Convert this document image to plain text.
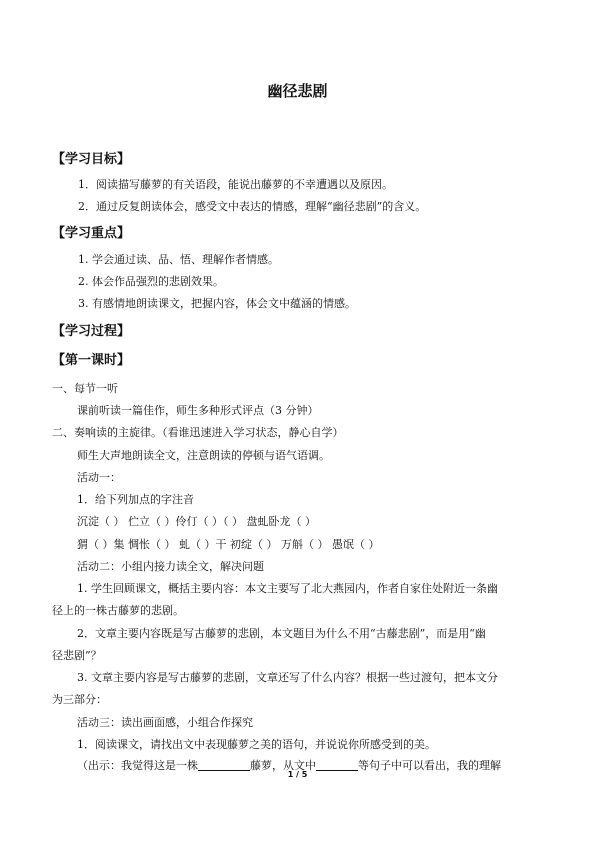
幽径悲剧
【学习目标】
1．阅读描写藤萝的有关语段，能说出藤萝的不幸遭遇以及原因。
2．通过反复朗读体会，感受文中表达的情感，理解“幽径悲剧”的含义。
【学习重点】
1. 学会通过读、品、悟、理解作者情感。
2. 体会作品强烈的悲剧效果。
3. 有感情地朗读课文，把握内容，体会文中蕴涵的情感。
【学习过程】
【第一课时】
一、每节一听
课前听读一篇佳作，师生多种形式评点（3 分钟）
二、奏响读的主旋律。（看谁迅速进入学习状态，静心自学）
师生大声地朗读全文，注意朗读的停顿与语气语调。
活动一：
1．给下列加点的字注音
沉淀（ ） 伫立（ ）伶仃（ ）（ ） 盘虬卧龙（ ）
猬（ ）集 惆怅（ ） 虬（ ）干 初绽（ ） 万斛（ ） 愚氓（ ）
活动二：小组内接力读全文，解决问题
1. 学生回顾课文，概括主要内容：本文主要写了北大燕园内，作者自家住处附近一条幽
径上的一株古藤萝的悲剧。
2．文章主要内容既是写古藤萝的悲剧，本文题目为什么不用“古藤悲剧”，而是用“幽
径悲剧”？
3. 文章主要内容是写古藤萝的悲剧，文章还写了什么内容？根据一些过渡句，把本文分
为三部分：
活动三：读出画面感，小组合作探究
1．阅读课文，请找出文中表现藤萝之美的语句，并说说你所感受到的美。
（出示：我觉得这是一株	藤萝，从文中	等句子中可以看出，我的理解
1 / 5
